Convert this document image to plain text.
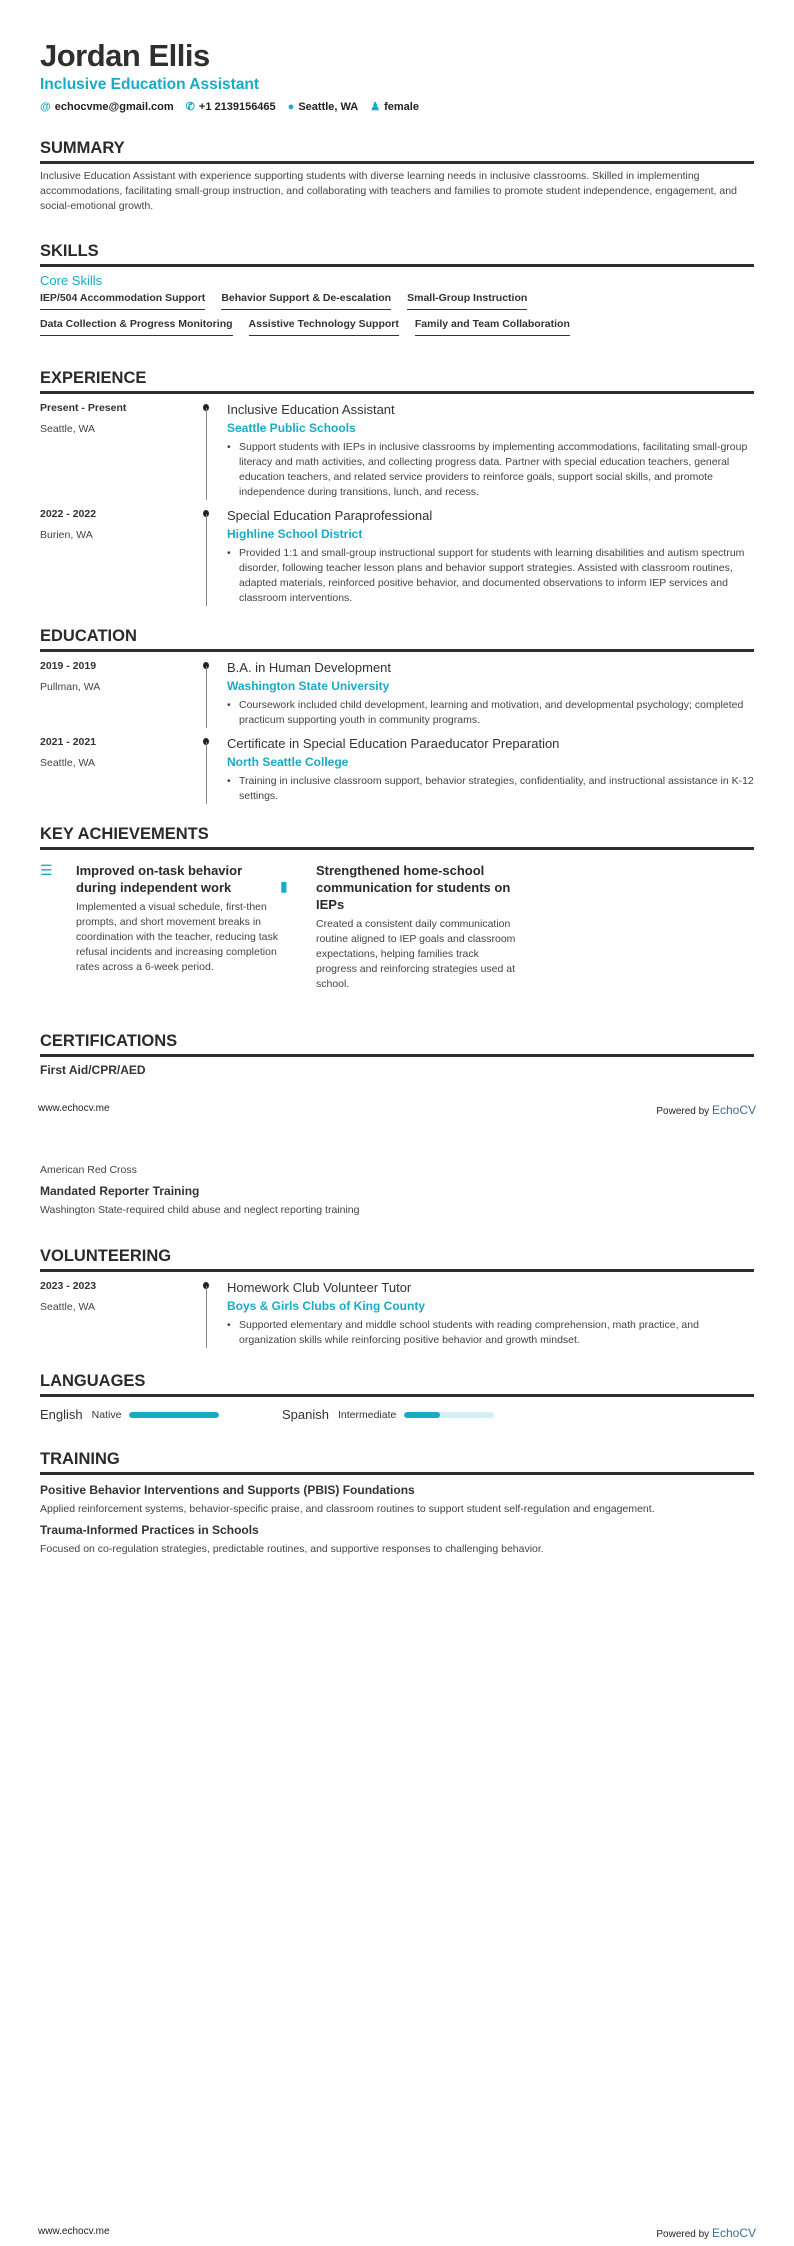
Jordan Ellis
Inclusive Education Assistant
@ echocvme@gmail.com ✆ +1 2139156465 ● Seattle, WA ♟ female
SUMMARY
Inclusive Education Assistant with experience supporting students with diverse learning needs in inclusive classrooms. Skilled in implementing accommodations, facilitating small-group instruction, and collaborating with teachers and families to promote student independence, engagement, and social-emotional growth.
SKILLS
Core Skills
IEP/504 Accommodation Support Behavior Support & De-escalation Small-Group Instruction
Data Collection & Progress Monitoring Assistive Technology Support Family and Team Collaboration
EXPERIENCE
Present - Present
Seattle, WA
Inclusive Education Assistant
Seattle Public Schools
• Support students with IEPs in inclusive classrooms by implementing accommodations, facilitating small-group literacy and math activities, and collecting progress data. Partner with special education teachers, general education teachers, and related service providers to reinforce goals, support social skills, and promote independence during transitions, lunch, and recess.
2022 - 2022
Burien, WA
Special Education Paraprofessional
Highline School District
• Provided 1:1 and small-group instructional support for students with learning disabilities and autism spectrum disorder, following teacher lesson plans and behavior support strategies. Assisted with classroom routines, adapted materials, reinforced positive behavior, and documented observations to inform IEP services and classroom interventions.
EDUCATION
2019 - 2019
Pullman, WA
B.A. in Human Development
Washington State University
• Coursework included child development, learning and motivation, and developmental psychology; completed practicum supporting youth in community programs.
2021 - 2021
Seattle, WA
Certificate in Special Education Paraeducator Preparation
North Seattle College
• Training in inclusive classroom support, behavior strategies, confidentiality, and instructional assistance in K-12 settings.
KEY ACHIEVEMENTS
☰	Improved on-task behavior during independent work
Implemented a visual schedule, first-then prompts, and short movement breaks in coordination with the teacher, reducing task refusal incidents and increasing completion rates across a 6-week period.
▮
Strengthened home-school communication for students on IEPs
Created a consistent daily communication routine aligned to IEP goals and classroom expectations, helping families track progress and reinforcing strategies used at school.
CERTIFICATIONS
First Aid/CPR/AED
www.echocv.me	Powered by EchoCV
American Red Cross
Mandated Reporter Training
Washington State-required child abuse and neglect reporting training
VOLUNTEERING
2023 - 2023
Seattle, WA
Homework Club Volunteer Tutor
Boys & Girls Clubs of King County
• Supported elementary and middle school students with reading comprehension, math practice, and organization skills while reinforcing positive behavior and growth mindset.
LANGUAGES
English Native	Spanish Intermediate
TRAINING
Positive Behavior Interventions and Supports (PBIS) Foundations
Applied reinforcement systems, behavior-specific praise, and classroom routines to support student self-regulation and engagement.
Trauma-Informed Practices in Schools
Focused on co-regulation strategies, predictable routines, and supportive responses to challenging behavior.
www.echocv.me	Powered by EchoCV
